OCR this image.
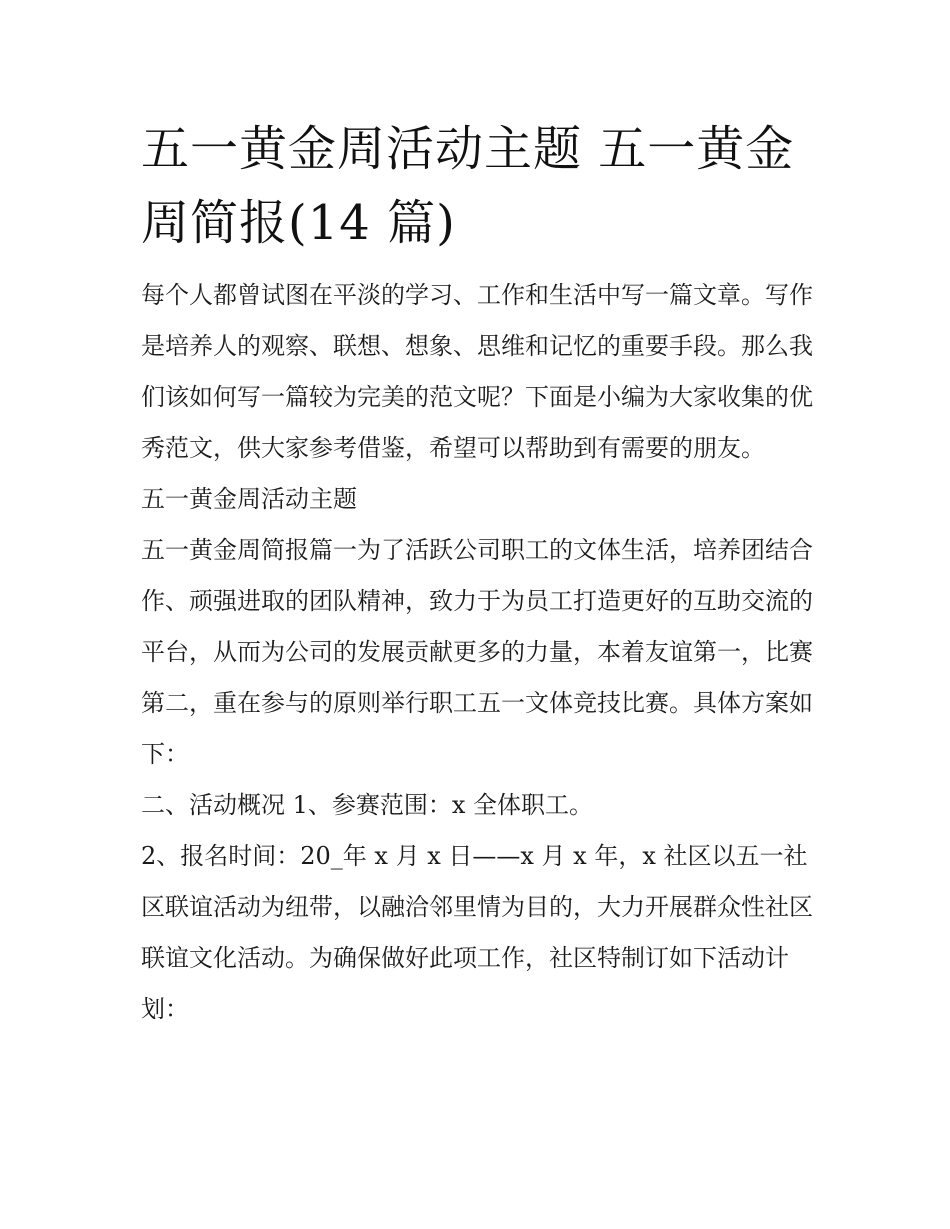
五一黄金周活动主题 五一黄金周简报(14 篇)

每个人都曾试图在平淡的学习、工作和生活中写一篇文章。写作是培养人的观察、联想、想象、思维和记忆的重要手段。那么我们该如何写一篇较为完美的范文呢？下面是小编为大家收集的优秀范文，供大家参考借鉴，希望可以帮助到有需要的朋友。

五一黄金周活动主题

五一黄金周简报篇一为了活跃公司职工的文体生活，培养团结合作、顽强进取的团队精神，致力于为员工打造更好的互助交流的平台，从而为公司的发展贡献更多的力量，本着友谊第一，比赛第二，重在参与的原则举行职工五一文体竞技比赛。具体方案如下：

二、活动概况 1、参赛范围：x 全体职工。

2、报名时间：20_年 x 月 x 日——x 月 x 年，x 社区以五一社区联谊活动为纽带，以融洽邻里情为目的，大力开展群众性社区联谊文化活动。为确保做好此项工作，社区特制订如下活动计划：
